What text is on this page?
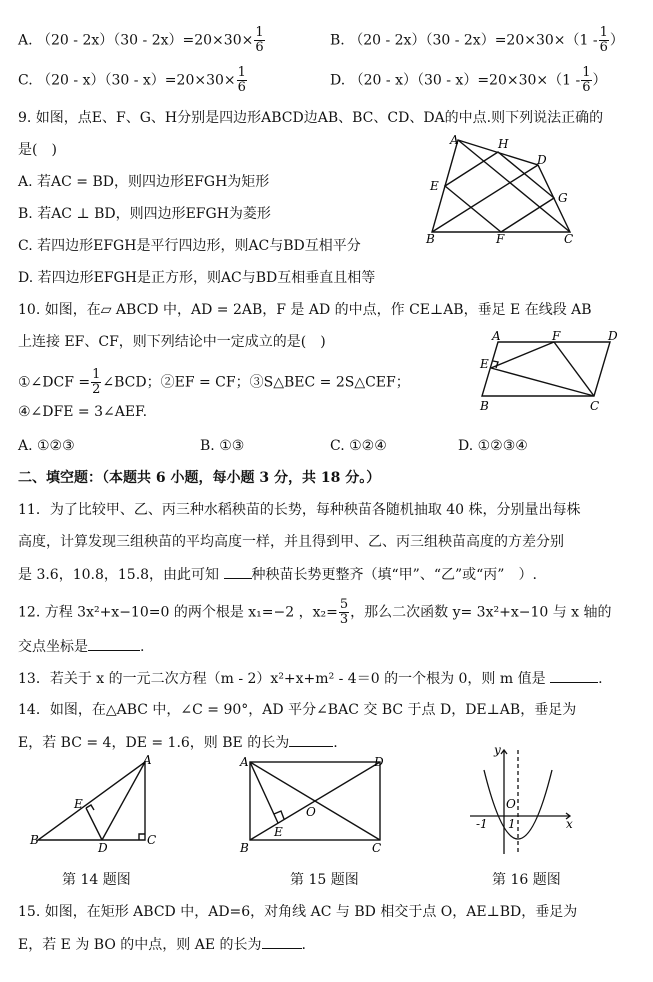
A. $(20 - 2x)(30 - 2x)=20\times 30\times \frac{1}{6}$	B. $(20 - 2x)(30 - 2x)=20\times 30\times(1 - \frac{1}{6}$ ）
C. $(20 - x)(30 - x)=20\times 30\times \frac{1}{6}$	D. $(20 - x)(30 - x)=20\times 30\times(1 - \frac{1}{6}$ ）
9. 如图，点E、F、G、H分别是四边形ABCD边AB、BC、CD、DA的中点.则下列说法正确的
是(　)
A. 若AC = BD，则四边形EFGH为矩形
B. 若AC ⊥ BD，则四边形EFGH为菱形
C. 若四边形EFGH是平行四边形，则AC与BD互相平分
D. 若四边形EFGH是正方形，则AC与BD互相垂直且相等
A	H
D
E
G
B	F	C
10. 如图，在▱ ABCD 中，AD = 2AB，F 是 AD 的中点，作 CE⊥AB，垂足 E 在线段 AB
上连接 EF、CF，则下列结论中一定成立的是(　)
①∠DCF = $\frac{1}{2}$ ∠BCD；②EF = CF；③S△BEC = 2S△CEF；
④∠DFE = 3∠AEF.
A. ①②③	B. ①③	C. ①②④	D. ①②③④
A	F	D
E
B	C
二、填空题：（本题共 6 小题，每小题 3 分，共 18 分。）
11．为了比较甲、乙、丙三种水稻秧苗的长势，每种秧苗各随机抽取 40 株，分别量出每株
高度，计算发现三组秧苗的平均高度一样，并且得到甲、乙、丙三组秧苗高度的方差分别
是 3.6，10.8，15.8，由此可知 种秧苗长势更整齐（填“甲”、“乙”或“丙”　）.
12. 方程 3x²+x−10=0 的两个根是 x₁=−2 ，$x_2= \frac{5}{3}$ ，那么二次函数 y= 3x²+x−10 与 x 轴的
交点坐标是	.
13．若关于 x 的一元二次方程（m - 2）x²+x+m² - 4＝0 的一个根为 0，则 m 值是	.
14．如图，在△ABC 中，∠C = 90°，AD 平分∠BAC 交 BC 于点 D，DE⊥AB，垂足为
E，若 BC = 4，DE = 1.6，则 BE 的长为	.
A
E
B
D
C
A	D
O
E
B	C
y
O
-1 1	x
第 14 题图	第 15 题图	第 16 题图
15. 如图，在矩形 ABCD 中，AD=6，对角线 AC 与 BD 相交于点 O，AE⊥BD，垂足为
E，若 E 为 BO 的中点，则 AE 的长为	.
